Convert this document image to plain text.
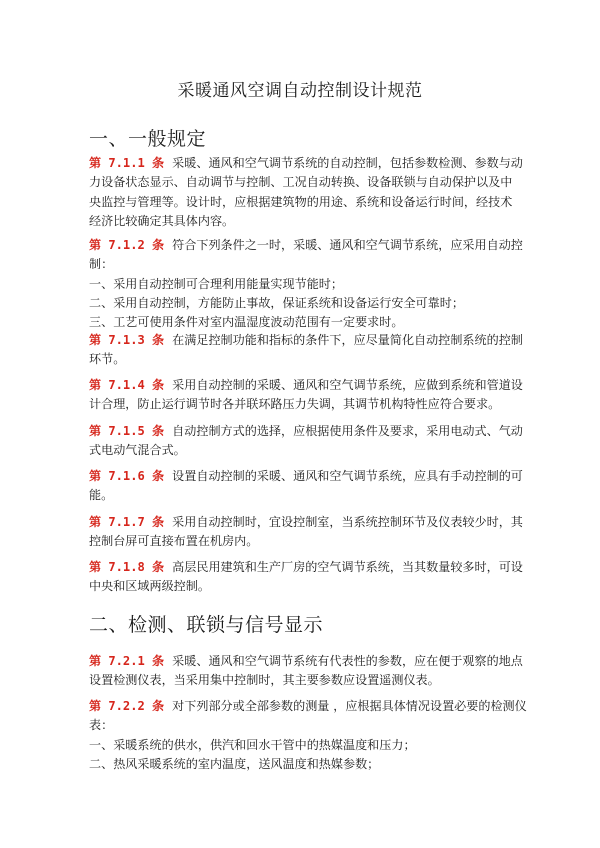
采暖通风空调自动控制设计规范
一、一般规定
第 7.1.1 条 采暖、通风和空气调节系统的自动控制，包括参数检测、参数与动
力设备状态显示、自动调节与控制、工况自动转换、设备联锁与自动保护以及中
央监控与管理等。设计时，应根据建筑物的用途、系统和设备运行时间，经技术
经济比较确定其具体内容。
第 7.1.2 条 符合下列条件之一时，采暖、通风和空气调节系统，应采用自动控
制：
一、采用自动控制可合理利用能量实现节能时；
二、采用自动控制，方能防止事故，保证系统和设备运行安全可靠时；
三、工艺可使用条件对室内温湿度波动范围有一定要求时。
第 7.1.3 条 在满足控制功能和指标的条件下，应尽量简化自动控制系统的控制
环节。
第 7.1.4 条 采用自动控制的采暖、通风和空气调节系统，应做到系统和管道设
计合理，防止运行调节时各并联环路压力失调，其调节机构特性应符合要求。
第 7.1.5 条 自动控制方式的选择，应根据使用条件及要求，采用电动式、气动
式电动气混合式。
第 7.1.6 条 设置自动控制的采暖、通风和空气调节系统，应具有手动控制的可
能。
第 7.1.7 条 采用自动控制时，宜设控制室，当系统控制环节及仪表较少时，其
控制台屏可直接布置在机房内。
第 7.1.8 条 高层民用建筑和生产厂房的空气调节系统，当其数量较多时，可设
中央和区域两级控制。
二、检测、联锁与信号显示
第 7.2.1 条 采暖、通风和空气调节系统有代表性的参数，应在便于观察的地点
设置检测仪表，当采用集中控制时，其主要参数应设置遥测仪表。
第 7.2.2 条 对下列部分或全部参数的测量 ，应根据具体情况设置必要的检测仪
表：
一、采暖系统的供水，供汽和回水干管中的热媒温度和压力；
二、热风采暖系统的室内温度，送风温度和热媒参数；
